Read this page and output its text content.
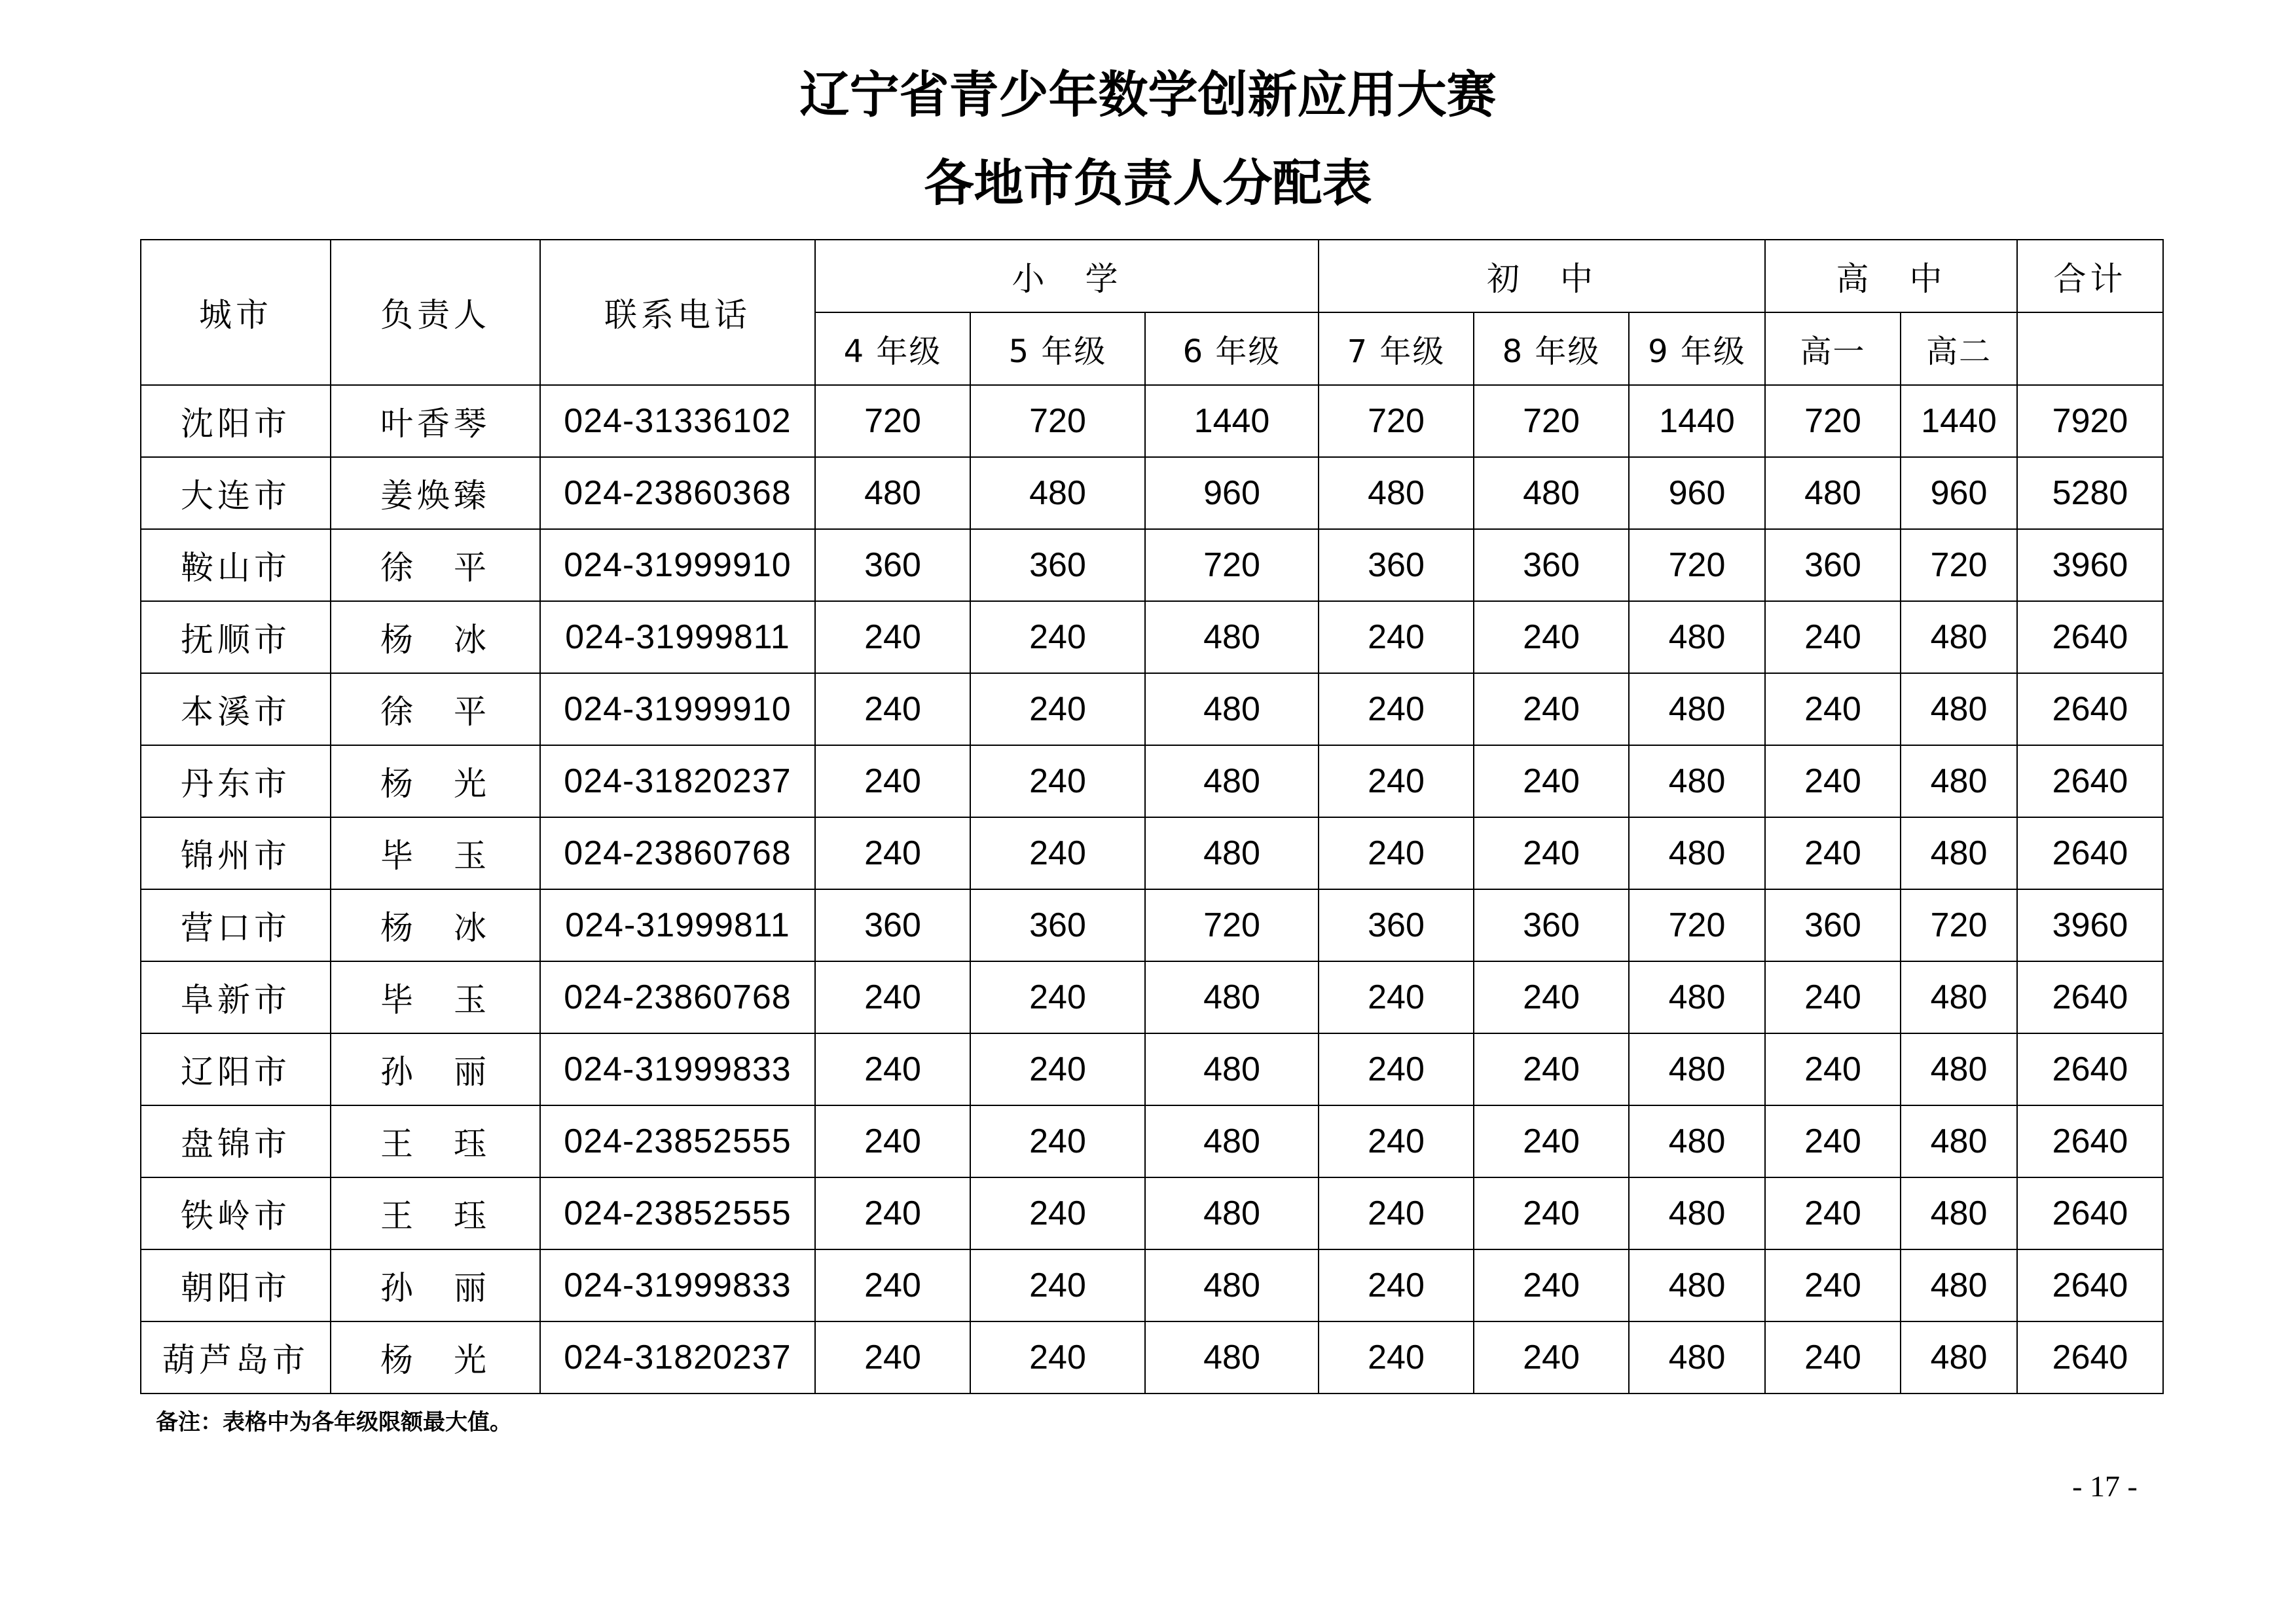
辽宁省青少年数学创新应用大赛
各地市负责人分配表
城市	负责人	联系电话	小　学			初　中			高　中		合计
			4 年级	5 年级	6 年级	7 年级	8 年级	9 年级	高一	高二	
沈阳市	叶香琴	024-31336102	720	720	1440	720	720	1440	720	1440	7920
大连市	姜焕臻	024-23860368	480	480	960	480	480	960	480	960	5280
鞍山市	徐　平	024-31999910	360	360	720	360	360	720	360	720	3960
抚顺市	杨　冰	024-31999811	240	240	480	240	240	480	240	480	2640
本溪市	徐　平	024-31999910	240	240	480	240	240	480	240	480	2640
丹东市	杨　光	024-31820237	240	240	480	240	240	480	240	480	2640
锦州市	毕　玉	024-23860768	240	240	480	240	240	480	240	480	2640
营口市	杨　冰	024-31999811	360	360	720	360	360	720	360	720	3960
阜新市	毕　玉	024-23860768	240	240	480	240	240	480	240	480	2640
辽阳市	孙　丽	024-31999833	240	240	480	240	240	480	240	480	2640
盘锦市	王　珏	024-23852555	240	240	480	240	240	480	240	480	2640
铁岭市	王　珏	024-23852555	240	240	480	240	240	480	240	480	2640
朝阳市	孙　丽	024-31999833	240	240	480	240	240	480	240	480	2640
葫芦岛市	杨　光	024-31820237	240	240	480	240	240	480	240	480	2640
备注：表格中为各年级限额最大值。
- 17 -
